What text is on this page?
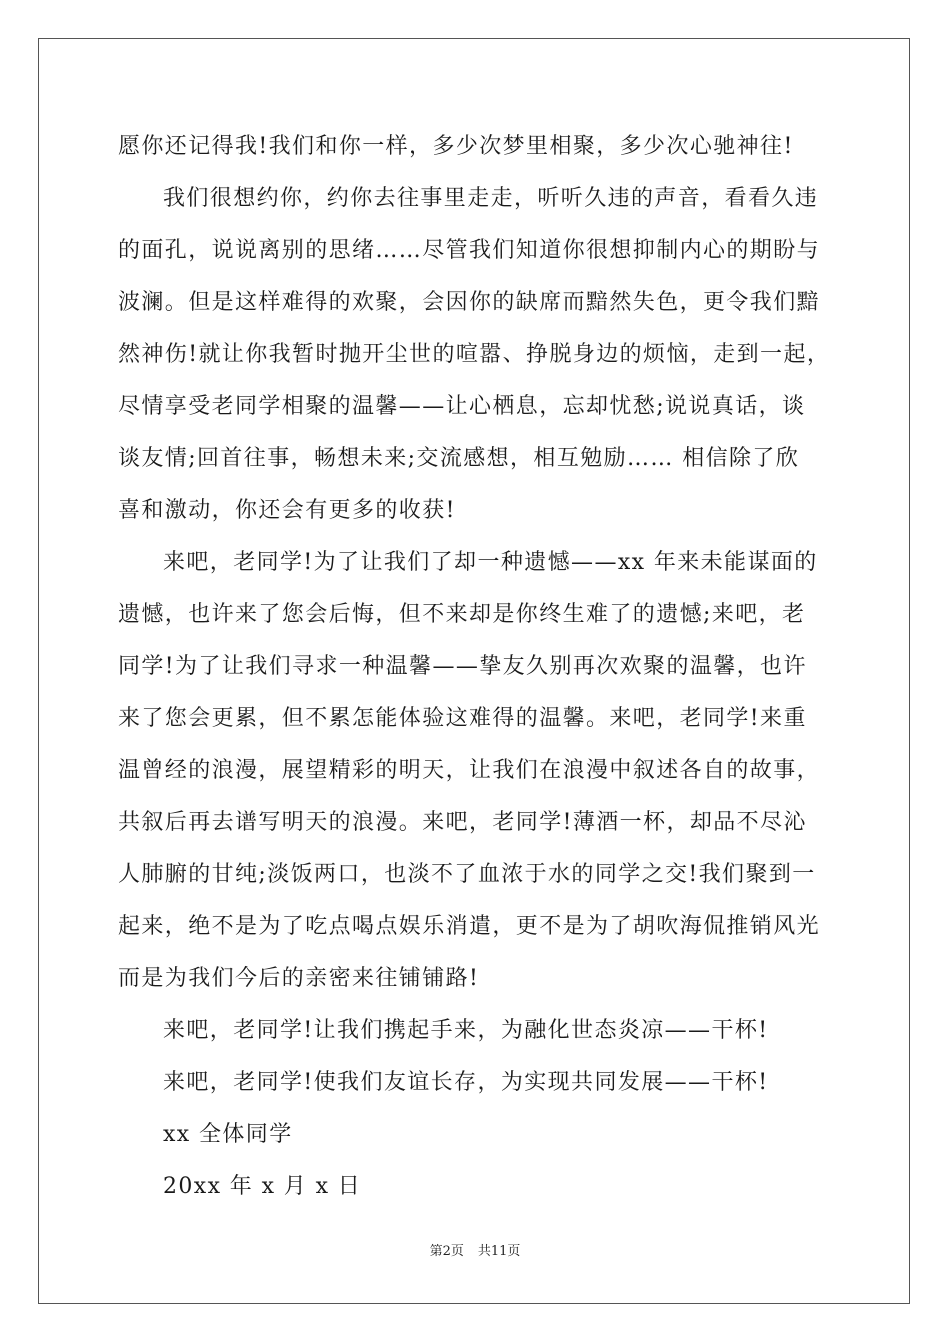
愿你还记得我!我们和你一样，多少次梦里相聚，多少次心驰神往!
我们很想约你，约你去往事里走走，听听久违的声音，看看久违
的面孔，说说离别的思绪……尽管我们知道你很想抑制内心的期盼与
波澜。但是这样难得的欢聚，会因你的缺席而黯然失色，更令我们黯
然神伤!就让你我暂时抛开尘世的喧嚣、挣脱身边的烦恼，走到一起，
尽情享受老同学相聚的温馨——让心栖息，忘却忧愁;说说真话，谈
谈友情;回首往事，畅想未来;交流感想，相互勉励…… 相信除了欣
喜和激动，你还会有更多的收获!
来吧，老同学!为了让我们了却一种遗憾——xx 年来未能谋面的
遗憾，也许来了您会后悔，但不来却是你终生难了的遗憾;来吧，老
同学!为了让我们寻求一种温馨——挚友久别再次欢聚的温馨，也许
来了您会更累，但不累怎能体验这难得的温馨。来吧，老同学!来重
温曾经的浪漫，展望精彩的明天，让我们在浪漫中叙述各自的故事，
共叙后再去谱写明天的浪漫。来吧，老同学!薄酒一杯，却品不尽沁
人肺腑的甘纯;淡饭两口，也淡不了血浓于水的同学之交!我们聚到一
起来，绝不是为了吃点喝点娱乐消遣，更不是为了胡吹海侃推销风光
而是为我们今后的亲密来往铺铺路!
来吧，老同学!让我们携起手来，为融化世态炎凉——干杯!
来吧，老同学!使我们友谊长存，为实现共同发展——干杯!
xx 全体同学
20xx 年 x 月 x 日
第2页 共11页
